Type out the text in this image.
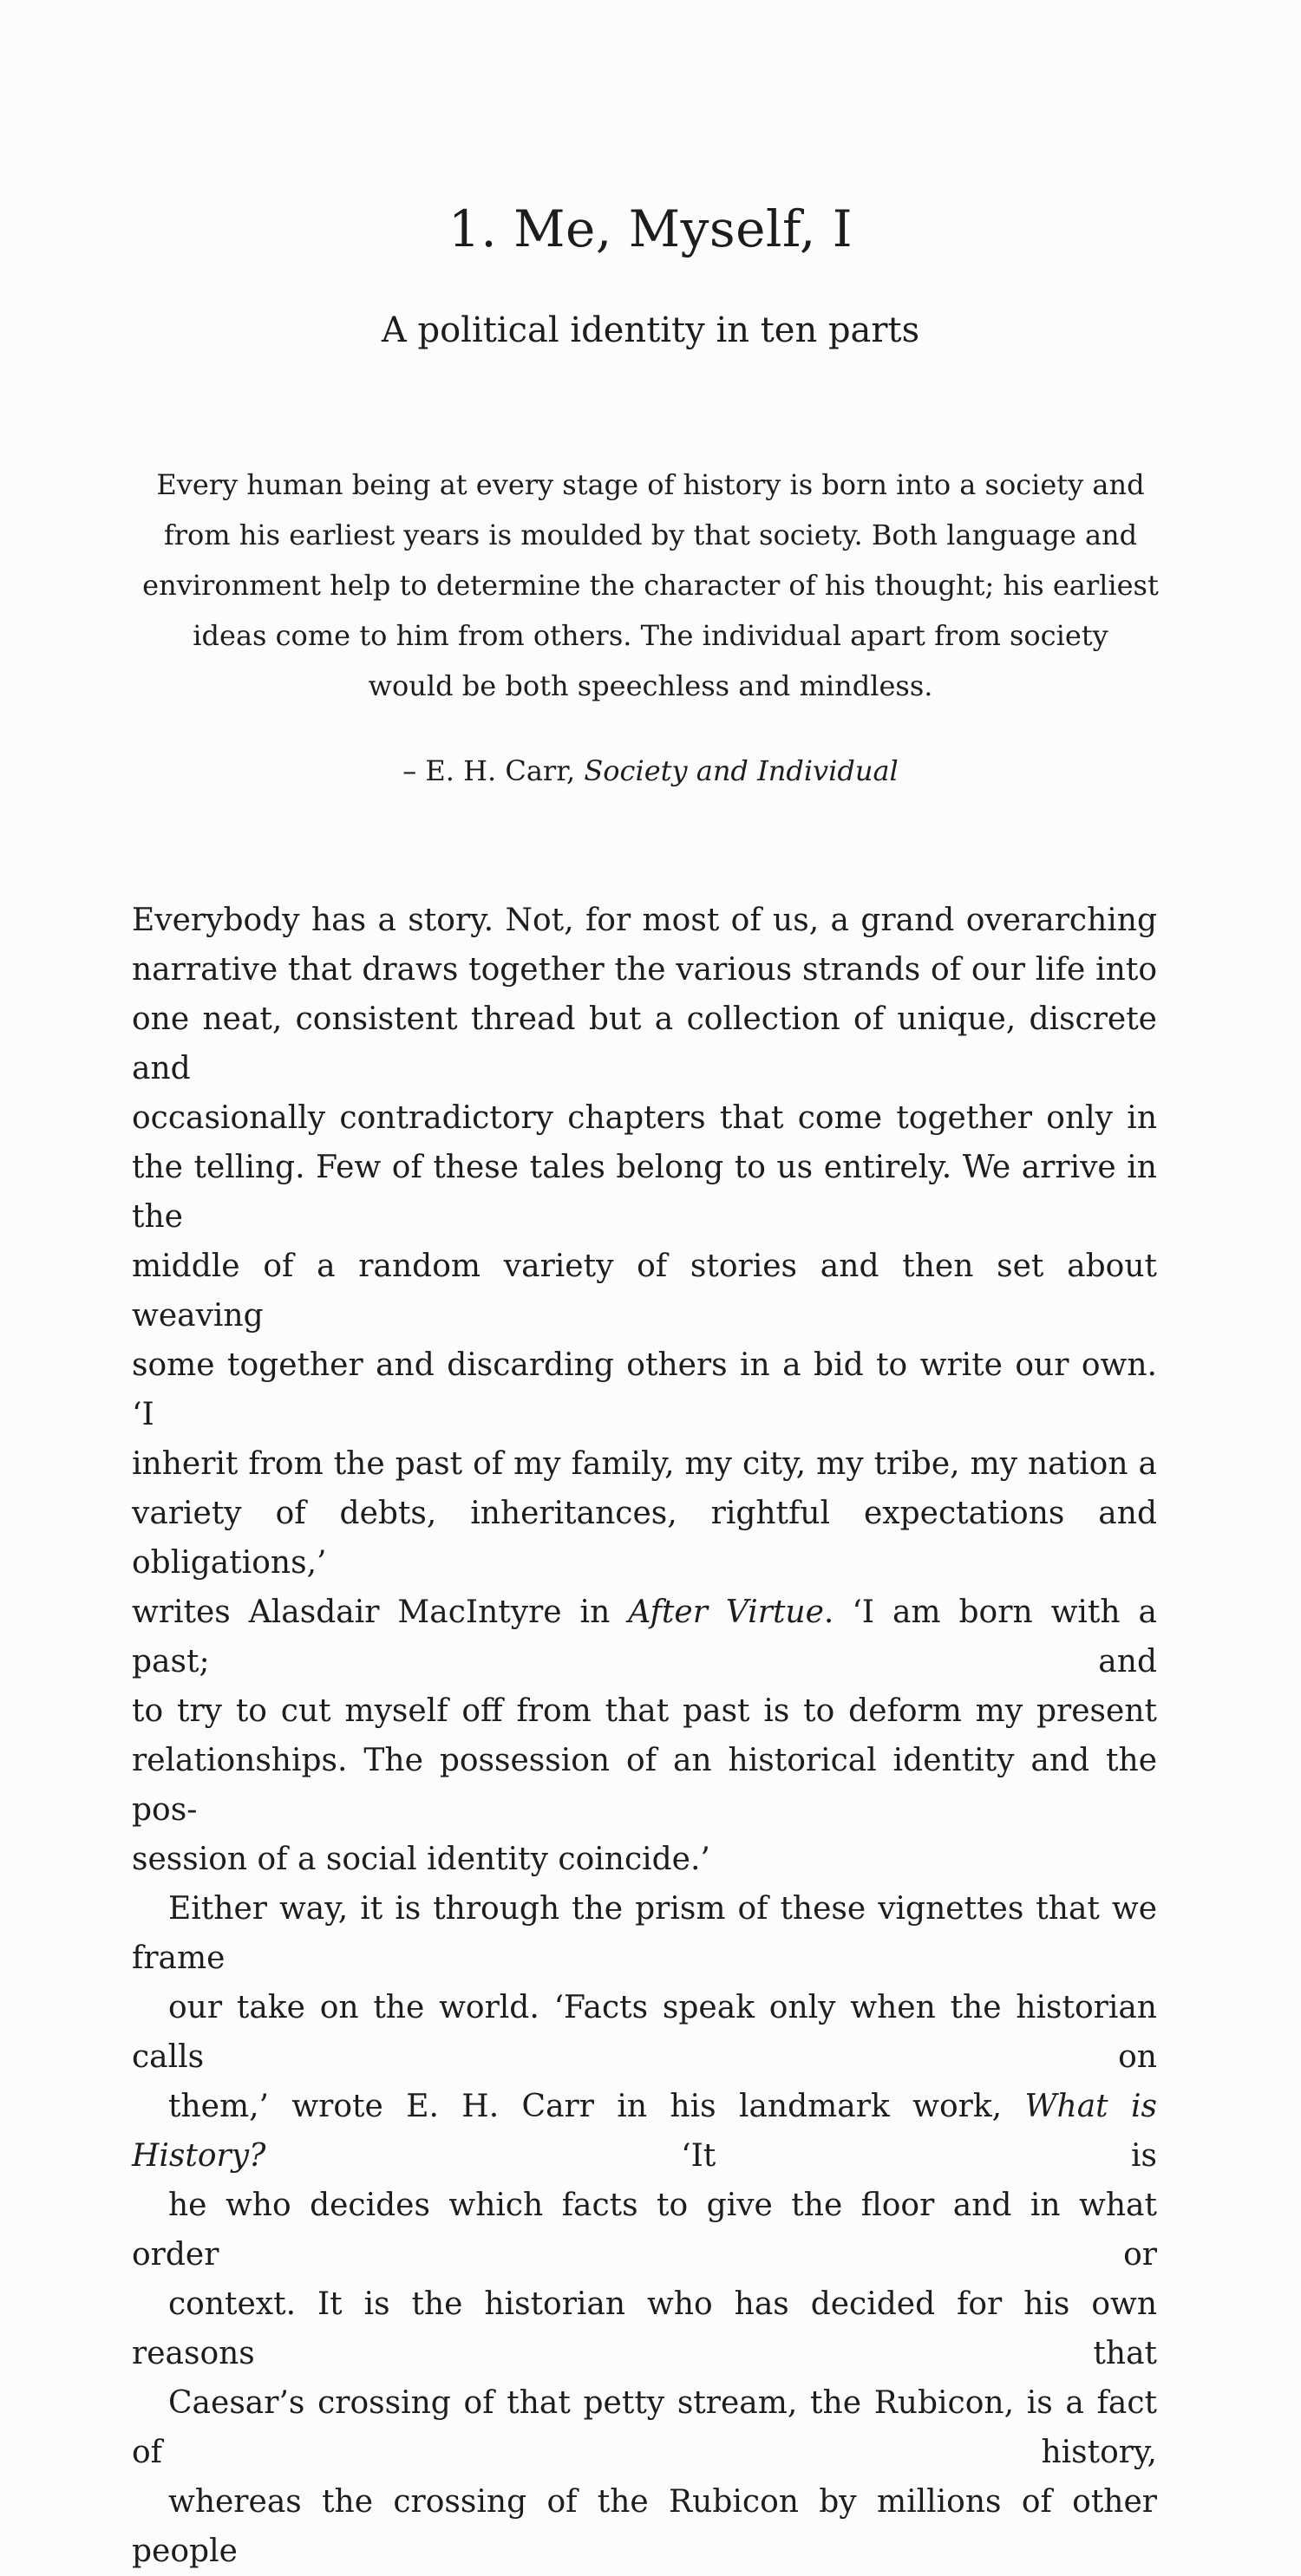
1. Me, Myself, I
A political identity in ten parts
Every human being at every stage of history is born into a society and
from his earliest years is moulded by that society. Both language and
environment help to determine the character of his thought; his earliest
ideas come to him from others. The individual apart from society
would be both speechless and mindless.

– E. H. Carr, Society and Individual

Everybody has a story. Not, for most of us, a grand overarching
narrative that draws together the various strands of our life into
one neat, consistent thread but a collection of unique, discrete and
occasionally contradictory chapters that come together only in
the telling. Few of these tales belong to us entirely. We arrive in the
middle of a random variety of stories and then set about weaving
some together and discarding others in a bid to write our own. ‘I
inherit from the past of my family, my city, my tribe, my nation a
variety of debts, inheritances, rightful expectations and obligations,’
writes Alasdair MacIntyre in After Virtue. ‘I am born with a past; and
to try to cut myself off from that past is to deform my present
relationships. The possession of an historical identity and the pos-
session of a social identity coincide.’

Either way, it is through the prism of these vignettes that we frame
our take on the world. ‘Facts speak only when the historian calls on
them,’ wrote E. H. Carr in his landmark work, What is History? ‘It is
he who decides which facts to give the floor and in what order or
context. It is the historian who has decided for his own reasons that
Caesar’s crossing of that petty stream, the Rubicon, is a fact of history,
whereas the crossing of the Rubicon by millions of other people
